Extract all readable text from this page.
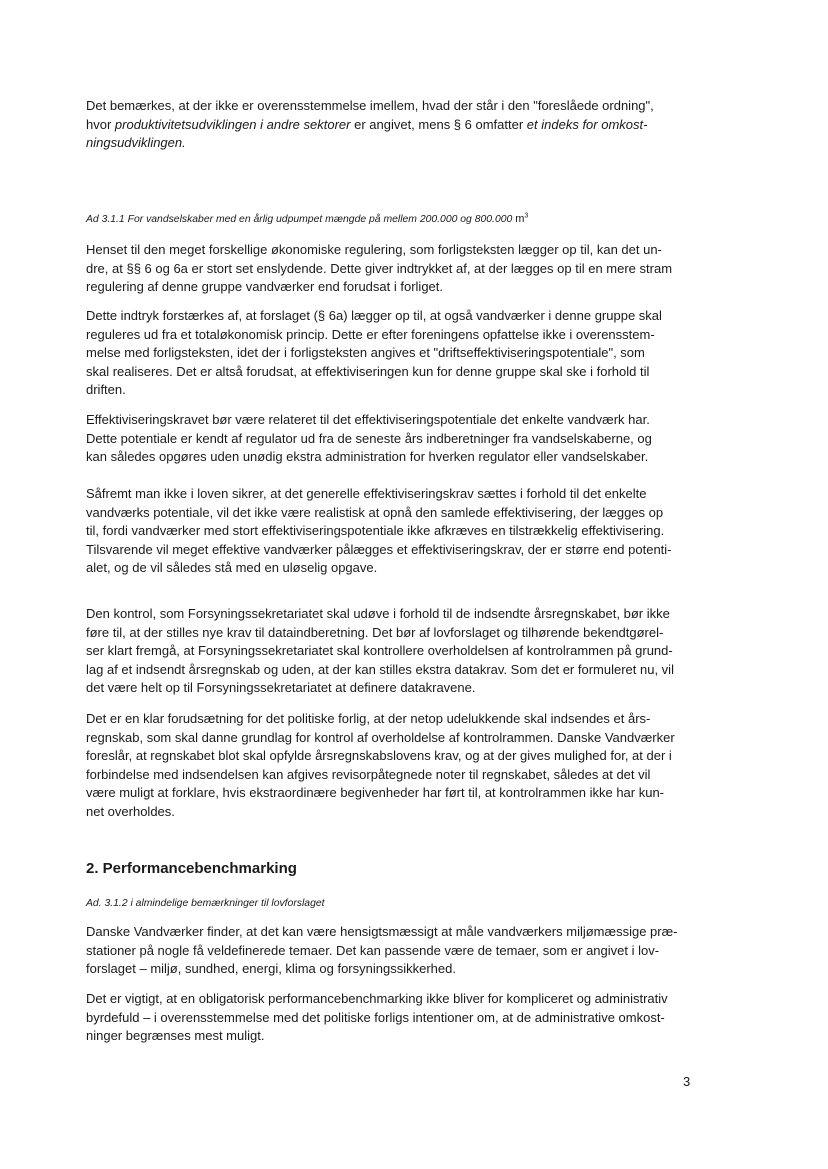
Det bemærkes, at der ikke er overensstemmelse imellem, hvad der står i den "foreslåede ordning",
hvor produktivitetsudviklingen i andre sektorer er angivet, mens § 6 omfatter et indeks for omkost-
ningsudviklingen.
Ad 3.1.1 For vandselskaber med en årlig udpumpet mængde på mellem 200.000 og 800.000 $m^3$
Henset til den meget forskellige økonomiske regulering, som forligsteksten lægger op til, kan det un-
dre, at §§ 6 og 6a er stort set enslydende. Dette giver indtrykket af, at der lægges op til en mere stram
regulering af denne gruppe vandværker end forudsat i forliget.
Dette indtryk forstærkes af, at forslaget (§ 6a) lægger op til, at også vandværker i denne gruppe skal
reguleres ud fra et totaløkonomisk princip. Dette er efter foreningens opfattelse ikke i overensstem-
melse med forligsteksten, idet der i forligsteksten angives et "driftseffektiviseringspotentiale", som
skal realiseres. Det er altså forudsat, at effektiviseringen kun for denne gruppe skal ske i forhold til
driften.
Effektiviseringskravet bør være relateret til det effektiviseringspotentiale det enkelte vandværk har.
Dette potentiale er kendt af regulator ud fra de seneste års indberetninger fra vandselskaberne, og
kan således opgøres uden unødig ekstra administration for hverken regulator eller vandselskaber.
Såfremt man ikke i loven sikrer, at det generelle effektiviseringskrav sættes i forhold til det enkelte
vandværks potentiale, vil det ikke være realistisk at opnå den samlede effektivisering, der lægges op
til, fordi vandværker med stort effektiviseringspotentiale ikke afkræves en tilstrækkelig effektivisering.
Tilsvarende vil meget effektive vandværker pålægges et effektiviseringskrav, der er større end potenti-
alet, og de vil således stå med en uløselig opgave.
Den kontrol, som Forsyningssekretariatet skal udøve i forhold til de indsendte årsregnskabet, bør ikke
føre til, at der stilles nye krav til dataindberetning. Det bør af lovforslaget og tilhørende bekendtgørel-
ser klart fremgå, at Forsyningssekretariatet skal kontrollere overholdelsen af kontrolrammen på grund-
lag af et indsendt årsregnskab og uden, at der kan stilles ekstra datakrav. Som det er formuleret nu, vil
det være helt op til Forsyningssekretariatet at definere datakravene.
Det er en klar forudsætning for det politiske forlig, at der netop udelukkende skal indsendes et års-
regnskab, som skal danne grundlag for kontrol af overholdelse af kontrolrammen. Danske Vandværker
foreslår, at regnskabet blot skal opfylde årsregnskabslovens krav, og at der gives mulighed for, at der i
forbindelse med indsendelsen kan afgives revisorpåtegnede noter til regnskabet, således at det vil
være muligt at forklare, hvis ekstraordinære begivenheder har ført til, at kontrolrammen ikke har kun-
net overholdes.
2. Performancebenchmarking
Ad. 3.1.2 i almindelige bemærkninger til lovforslaget
Danske Vandværker finder, at det kan være hensigtsmæssigt at måle vandværkers miljømæssige præ-
stationer på nogle få veldefinerede temaer. Det kan passende være de temaer, som er angivet i lov-
forslaget – miljø, sundhed, energi, klima og forsyningssikkerhed.
Det er vigtigt, at en obligatorisk performancebenchmarking ikke bliver for kompliceret og administrativ
byrdefuld – i overensstemmelse med det politiske forligs intentioner om, at de administrative omkost-
ninger begrænses mest muligt.
3
